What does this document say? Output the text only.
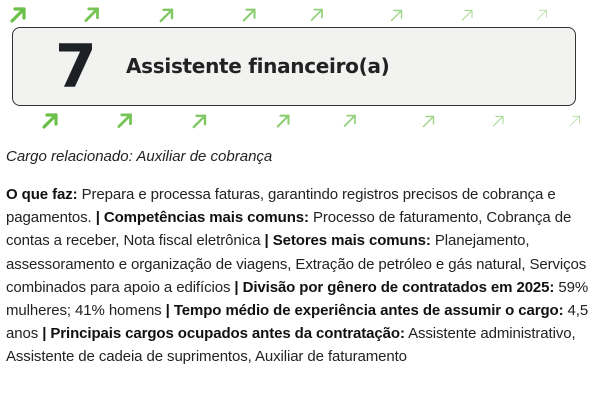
7 Assistente financeiro(a)
Cargo relacionado: Auxiliar de cobrança
O que faz: Prepara e processa faturas, garantindo registros precisos de cobrança e pagamentos. | Competências mais comuns: Processo de faturamento, Cobrança de contas a receber, Nota fiscal eletrônica | Setores mais comuns: Planejamento, assessoramento e organização de viagens, Extração de petróleo e gás natural, Serviços combinados para apoio a edifícios | Divisão por gênero de contratados em 2025: 59% mulheres; 41% homens | Tempo médio de experiência antes de assumir o cargo: 4,5 anos | Principais cargos ocupados antes da contratação: Assistente administrativo, Assistente de cadeia de suprimentos, Auxiliar de faturamento
